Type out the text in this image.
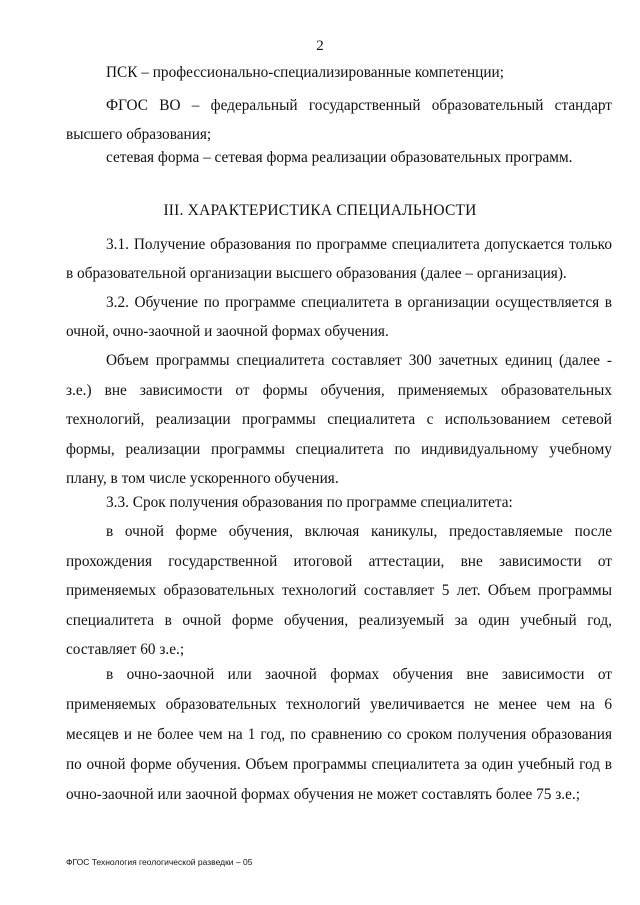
2
ПСК – профессионально-специализированные компетенции;
ФГОС ВО – федеральный государственный образовательный стандарт высшего образования;
сетевая форма – сетевая форма реализации образовательных программ.
III. ХАРАКТЕРИСТИКА СПЕЦИАЛЬНОСТИ
3.1. Получение образования по программе специалитета допускается только в образовательной организации высшего образования (далее – организация).
3.2. Обучение по программе специалитета в организации осуществляется в очной, очно-заочной и заочной формах обучения.
Объем программы специалитета составляет 300 зачетных единиц (далее - з.е.) вне зависимости от формы обучения, применяемых образовательных технологий, реализации программы специалитета с использованием сетевой формы, реализации программы специалитета по индивидуальному учебному плану, в том числе ускоренного обучения.
3.3. Срок получения образования по программе специалитета:
в очной форме обучения, включая каникулы, предоставляемые после прохождения государственной итоговой аттестации, вне зависимости от применяемых образовательных технологий составляет 5 лет. Объем программы специалитета в очной форме обучения, реализуемый за один учебный год, составляет 60 з.е.;
в очно-заочной или заочной формах обучения вне зависимости от применяемых образовательных технологий увеличивается не менее чем на 6 месяцев и не более чем на 1 год, по сравнению со сроком получения образования по очной форме обучения. Объем программы специалитета за один учебный год в очно-заочной или заочной формах обучения не может составлять более 75 з.е.;
ФГОС Технология геологической разведки – 05
